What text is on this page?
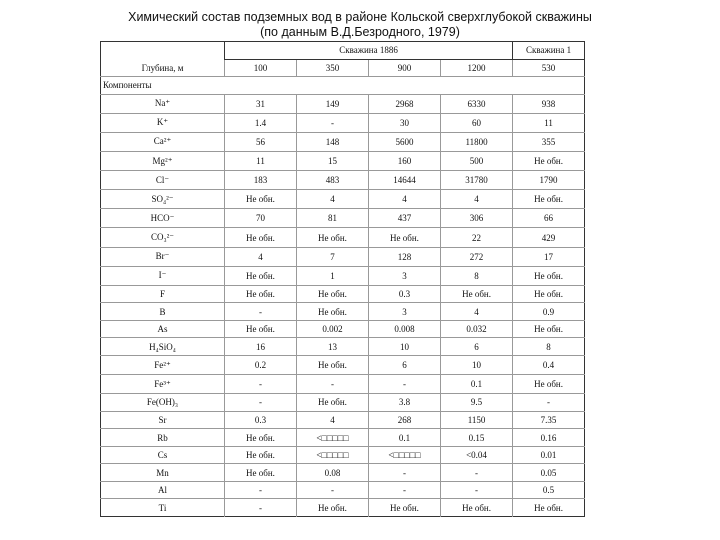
Химический состав подземных вод в районе Кольской сверхглубокой скважины
(по данным В.Д.Безродного, 1979)
	Скважина 1886				Скважина 1
Глубина, м	100	350	900	1200	530
Компоненты					
Na⁺	31	149	2968	6330	938
K⁺	1.4	-	30	60	11
Ca²⁺	56	148	5600	11800	355
Mg²⁺	11	15	160	500	Не обн.
Cl⁻	183	483	14644	31780	1790
SO₄²⁻	Не обн.	4	4	4	Не обн.
HCO⁻	70	81	437	306	66
CO₃²⁻	Не обн.	Не обн.	Не обн.	22	429
Br⁻	4	7	128	272	17
I⁻	Не обн.	1	3	8	Не обн.
F	Не обн.	Не обн.	0.3	Не обн.	Не обн.
B	-	Не обн.	3	4	0.9
As	Не обн.	0.002	0.008	0.032	Не обн.
H₄SiO₄	16	13	10	6	8
Fe²⁺	0.2	Не обн.	6	10	0.4
Fe³⁺	-	-	-	0.1	Не обн.
Fe(OH)₃	-	Не обн.	3.8	9.5	-
Sr	0.3	4	268	1150	7.35
Rb	Не обн.	<□□□□□	0.1	0.15	0.16
Cs	Не обн.	<□□□□□	<□□□□□	<0.04	0.01
Mn	Не обн.	0.08	-	-	0.05
Al	-	-	-	-	0.5
Ti	-	Не обн.	Не обн.	Не обн.	Не обн.
